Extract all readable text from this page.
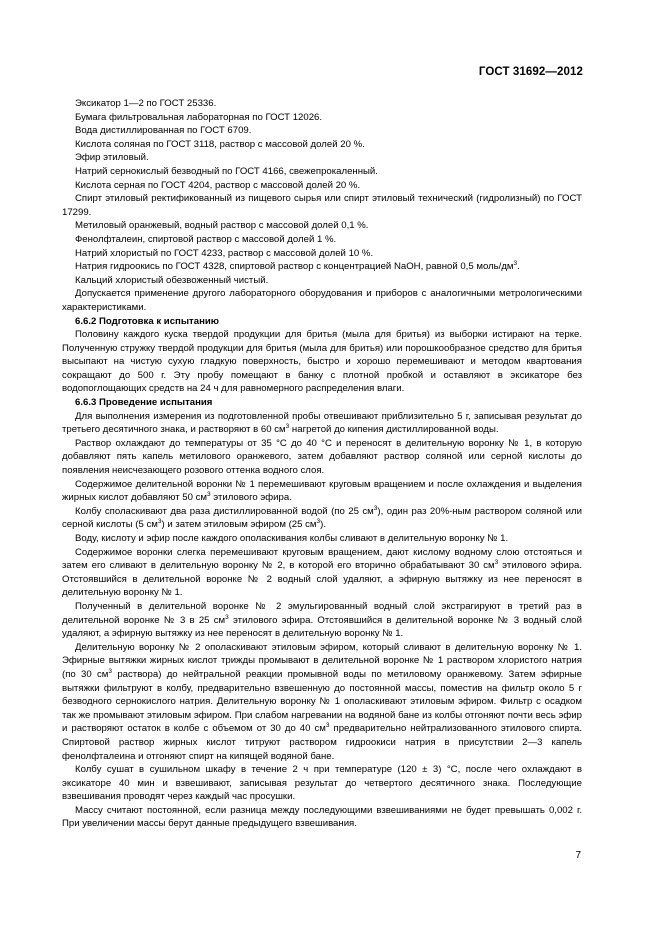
ГОСТ 31692—2012

Эксикатор 1—2 по ГОСТ 25336.

Бумага фильтровальная лабораторная по ГОСТ 12026.

Вода дистиллированная по ГОСТ 6709.

Кислота соляная по ГОСТ 3118, раствор с массовой долей 20 %.

Эфир этиловый.

Натрий сернокислый безводный по ГОСТ 4166, свежепрокаленный.

Кислота серная по ГОСТ 4204, раствор с массовой долей 20 %.

Спирт этиловый ректификованный из пищевого сырья или спирт этиловый технический (гидролизный) по ГОСТ 17299.

Метиловый оранжевый, водный раствор с массовой долей 0,1 %.

Фенолфталеин, спиртовой раствор с массовой долей 1 %.

Натрий хлористый по ГОСТ 4233, раствор с массовой долей 10 %.

Натрия гидроокись по ГОСТ 4328, спиртовой раствор с концентрацией NaOH, равной 0,5 моль/$дм^3$.

Кальций хлористый обезвоженный чистый.

Допускается применение другого лабораторного оборудования и приборов с аналогичными метрологическими характеристиками.

6.6.2 Подготовка к испытанию

Половину каждого куска твердой продукции для бритья (мыла для бритья) из выборки истирают на терке. Полученную стружку твердой продукции для бритья (мыла для бритья) или порошкообразное средство для бритья высыпают на чистую сухую гладкую поверхность, быстро и хорошо перемешивают и методом квартования сокращают до 500 г. Эту пробу помещают в банку с плотной пробкой и оставляют в эксикаторе без водопоглощающих средств на 24 ч для равномерного распределения влаги.

6.6.3 Проведение испытания

Для выполнения измерения из подготовленной пробы отвешивают приблизительно 5 г, записывая результат до третьего десятичного знака, и растворяют в 60 $см^3$ нагретой до кипения дистиллированной воды.

Раствор охлаждают до температуры от 35 °С до 40 °С и переносят в делительную воронку № 1, в которую добавляют пять капель метилового оранжевого, затем добавляют раствор соляной или серной кислоты до появления неисчезающего розового оттенка водного слоя.

Содержимое делительной воронки № 1 перемешивают круговым вращением и после охлаждения и выделения жирных кислот добавляют 50 $см^3$ этилового эфира.

Колбу споласкивают два раза дистиллированной водой (по 25 $см^3$), один раз 20%-ным раствором соляной или серной кислоты (5 $см^3$) и затем этиловым эфиром (25 $см^3$).

Воду, кислоту и эфир после каждого ополаскивания колбы сливают в делительную воронку № 1.

Содержимое воронки слегка перемешивают круговым вращением, дают кислому водному слою отстояться и затем его сливают в делительную воронку № 2, в которой его вторично обрабатывают 30 $см^3$ этилового эфира. Отстоявшийся в делительной воронке № 2 водный слой удаляют, а эфирную вытяжку из нее переносят в делительную воронку № 1.

Полученный в делительной воронке № 2 эмульгированный водный слой экстрагируют в третий раз в делительной воронке № 3 в 25 $см^3$ этилового эфира. Отстоявшийся в делительной воронке № 3 водный слой удаляют, а эфирную вытяжку из нее переносят в делительную воронку № 1.

Делительную воронку № 2 ополаскивают этиловым эфиром, который сливают в делительную воронку № 1. Эфирные вытяжки жирных кислот трижды промывают в делительной воронке № 1 раствором хлористого натрия (по 30 $см^3$ раствора) до нейтральной реакции промывной воды по метиловому оранжевому. Затем эфирные вытяжки фильтруют в колбу, предварительно взвешенную до постоянной массы, поместив на фильтр около 5 г безводного сернокислого натрия. Делительную воронку № 1 ополаскивают этиловым эфиром. Фильтр с осадком так же промывают этиловым эфиром. При слабом нагревании на водяной бане из колбы отгоняют почти весь эфир и растворяют остаток в колбе с объемом от 30 до 40 $см^3$ предварительно нейтрализованного этилового спирта. Спиртовой раствор жирных кислот титруют раствором гидроокиси натрия в присутствии 2—3 капель фенолфталеина и отгоняют спирт на кипящей водяной бане.

Колбу сушат в сушильном шкафу в течение 2 ч при температуре (120 ± 3) °С, после чего охлаждают в эксикаторе 40 мин и взвешивают, записывая результат до четвертого десятичного знака. Последующие взвешивания проводят через каждый час просушки.

Массу считают постоянной, если разница между последующими взвешиваниями не будет превышать 0,002 г. При увеличении массы берут данные предыдущего взвешивания.

7
